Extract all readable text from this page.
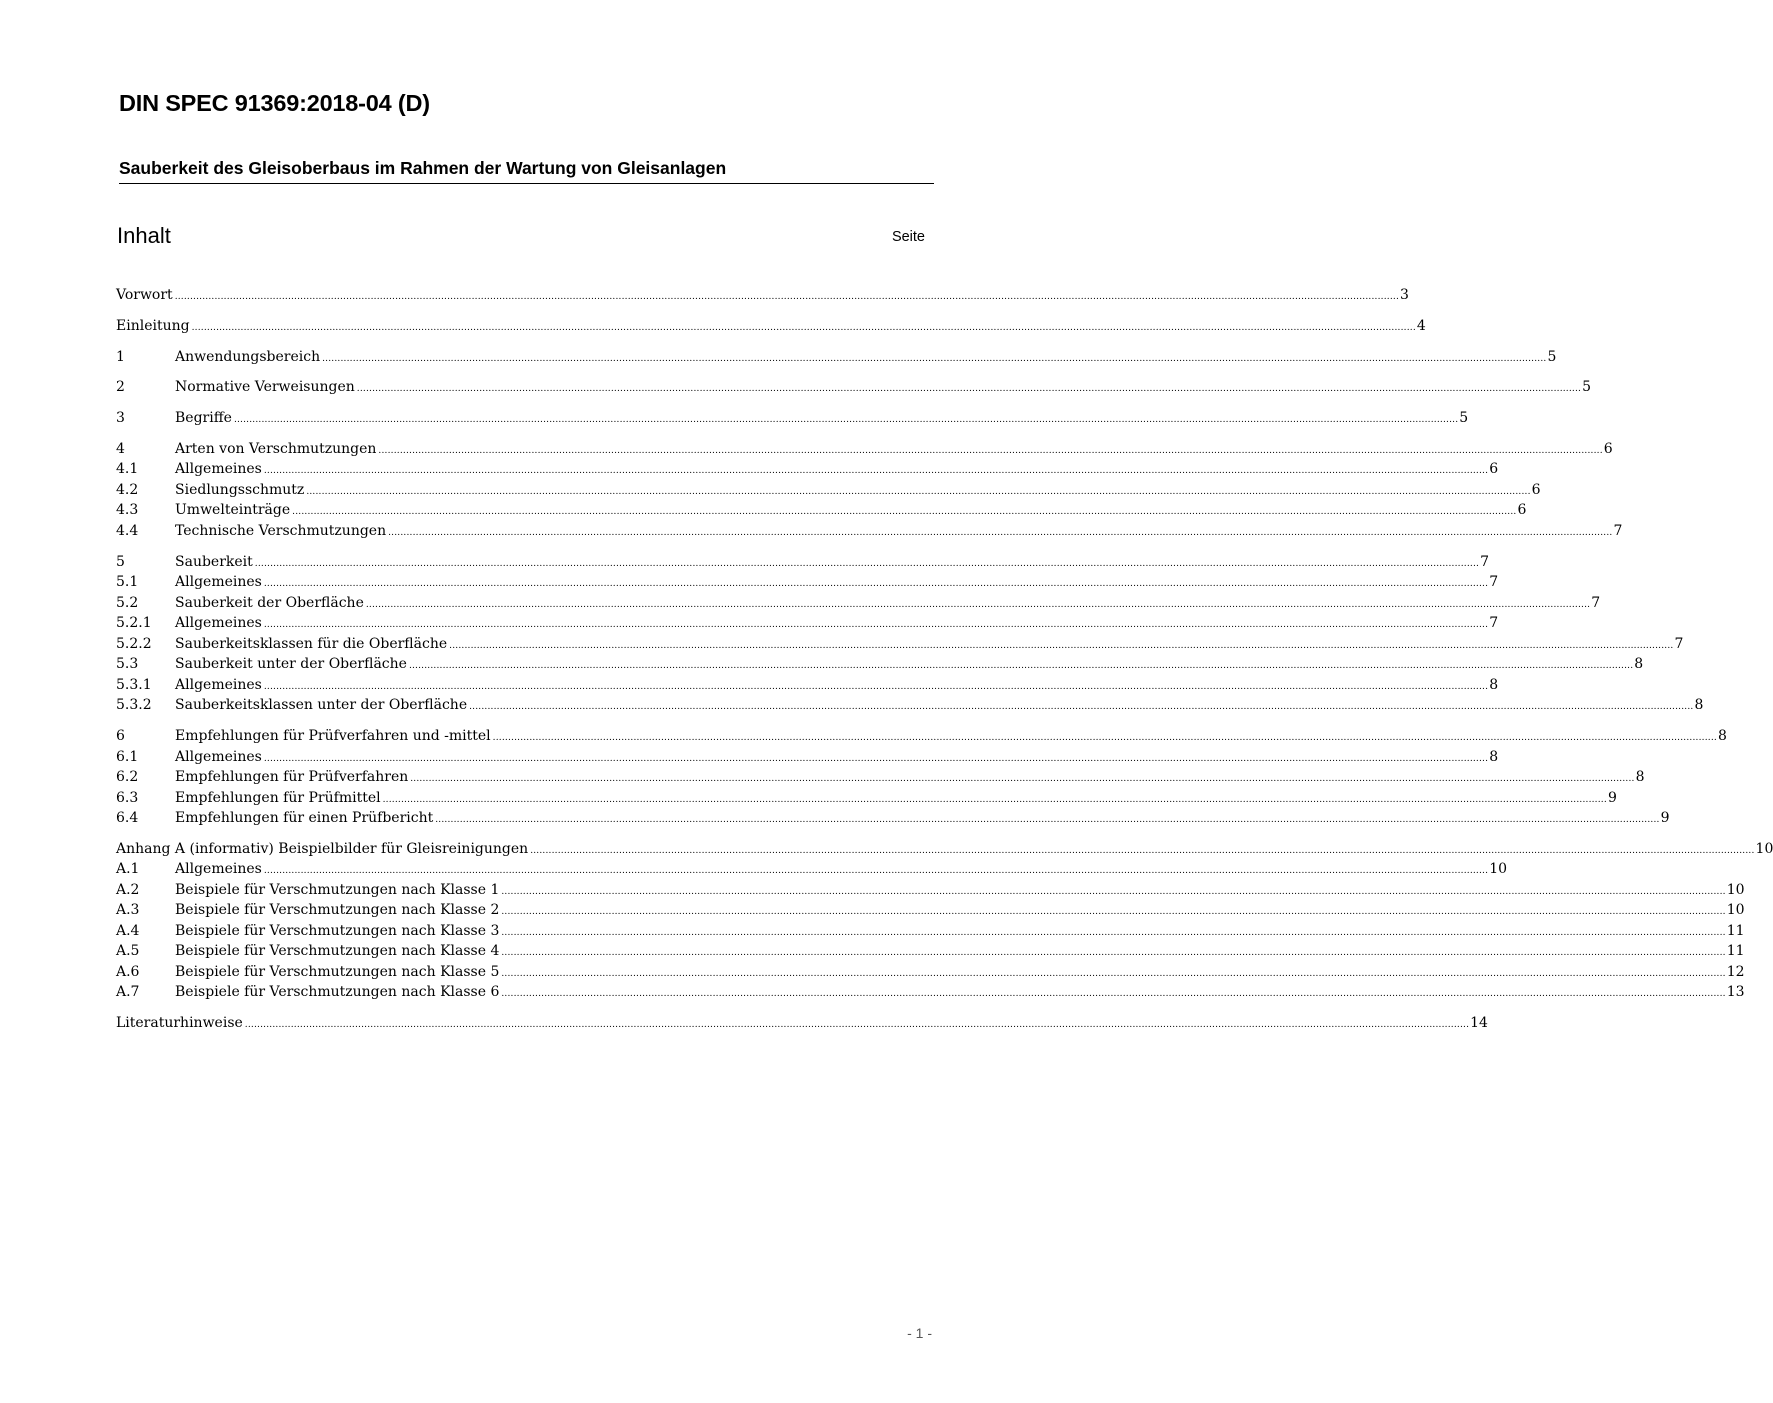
DIN SPEC 91369:2018-04 (D)
Sauberkeit des Gleisoberbaus im Rahmen der Wartung von Gleisanlagen
Inhalt	Seite
Vorwort ................................................................................................................................................................................................................................................................................................................................................................................................................ 3
Einleitung ................................................................................................................................................................................................................................................................................................................................................................................................................ 4
1	Anwendungsbereich ................................................................................................................................................................................................................................................................................................................................................................................................................ 5
2	Normative Verweisungen ................................................................................................................................................................................................................................................................................................................................................................................................................ 5
3	Begriffe ................................................................................................................................................................................................................................................................................................................................................................................................................ 5
4	Arten von Verschmutzungen ................................................................................................................................................................................................................................................................................................................................................................................................................ 6
4.1	Allgemeines ................................................................................................................................................................................................................................................................................................................................................................................................................ 6
4.2	Siedlungsschmutz ................................................................................................................................................................................................................................................................................................................................................................................................................ 6
4.3	Umwelteinträge ................................................................................................................................................................................................................................................................................................................................................................................................................ 6
4.4	Technische Verschmutzungen ................................................................................................................................................................................................................................................................................................................................................................................................................ 7
5	Sauberkeit ................................................................................................................................................................................................................................................................................................................................................................................................................ 7
5.1	Allgemeines ................................................................................................................................................................................................................................................................................................................................................................................................................ 7
5.2	Sauberkeit der Oberfläche ................................................................................................................................................................................................................................................................................................................................................................................................................ 7
5.2.1	Allgemeines ................................................................................................................................................................................................................................................................................................................................................................................................................ 7
5.2.2	Sauberkeitsklassen für die Oberfläche ................................................................................................................................................................................................................................................................................................................................................................................................................ 7
5.3	Sauberkeit unter der Oberfläche ................................................................................................................................................................................................................................................................................................................................................................................................................ 8
5.3.1	Allgemeines ................................................................................................................................................................................................................................................................................................................................................................................................................ 8
5.3.2	Sauberkeitsklassen unter der Oberfläche ................................................................................................................................................................................................................................................................................................................................................................................................................ 8
6	Empfehlungen für Prüfverfahren und -mittel ................................................................................................................................................................................................................................................................................................................................................................................................................ 8
6.1	Allgemeines ................................................................................................................................................................................................................................................................................................................................................................................................................ 8
6.2	Empfehlungen für Prüfverfahren ................................................................................................................................................................................................................................................................................................................................................................................................................ 8
6.3	Empfehlungen für Prüfmittel ................................................................................................................................................................................................................................................................................................................................................................................................................ 9
6.4	Empfehlungen für einen Prüfbericht ................................................................................................................................................................................................................................................................................................................................................................................................................ 9
Anhang A (informativ) Beispielbilder für Gleisreinigungen ................................................................................................................................................................................................................................................................................................................................................................................................................ 10
A.1	Allgemeines ................................................................................................................................................................................................................................................................................................................................................................................................................ 10
A.2	Beispiele für Verschmutzungen nach Klasse 1 ................................................................................................................................................................................................................................................................................................................................................................................................................ 10
A.3	Beispiele für Verschmutzungen nach Klasse 2 ................................................................................................................................................................................................................................................................................................................................................................................................................ 10
A.4	Beispiele für Verschmutzungen nach Klasse 3 ................................................................................................................................................................................................................................................................................................................................................................................................................ 11
A.5	Beispiele für Verschmutzungen nach Klasse 4 ................................................................................................................................................................................................................................................................................................................................................................................................................ 11
A.6	Beispiele für Verschmutzungen nach Klasse 5 ................................................................................................................................................................................................................................................................................................................................................................................................................ 12
A.7	Beispiele für Verschmutzungen nach Klasse 6 ................................................................................................................................................................................................................................................................................................................................................................................................................ 13
Literaturhinweise ................................................................................................................................................................................................................................................................................................................................................................................................................ 14
- 1 -
